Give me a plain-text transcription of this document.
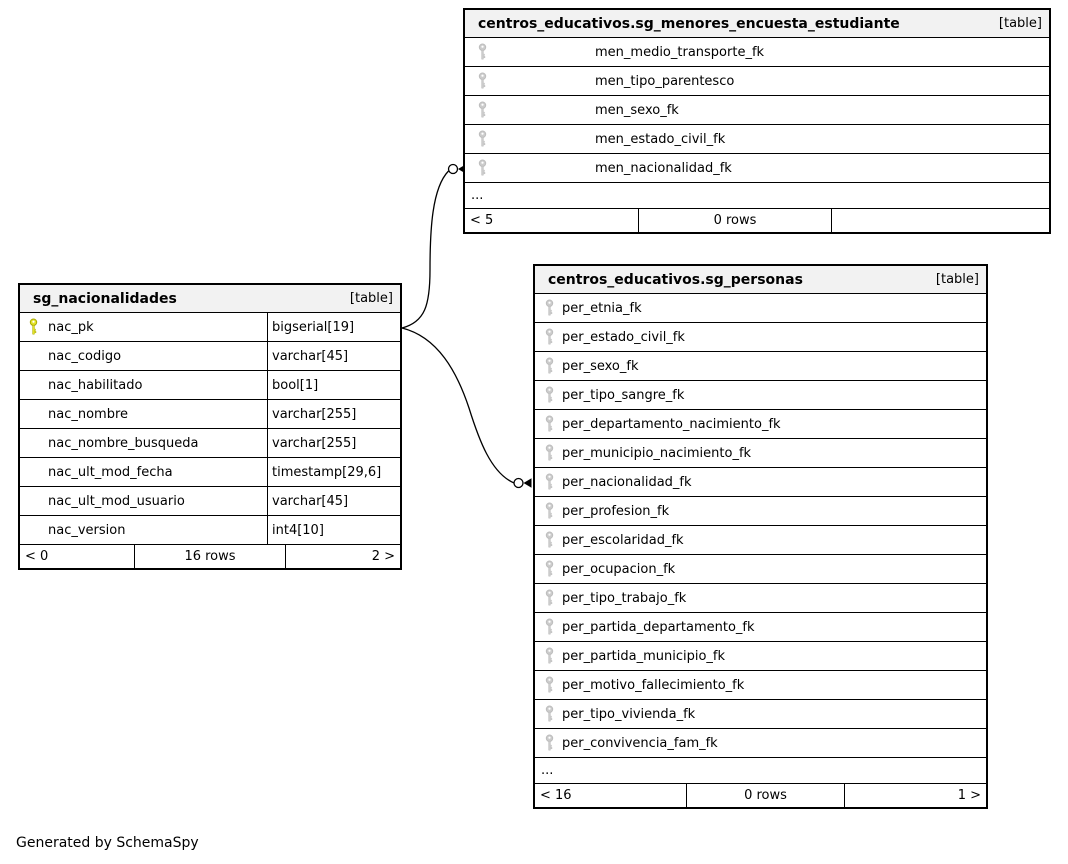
centros_educativos.sg_menores_encuesta_estudiante	[table]
men_medio_transporte_fk
men_tipo_parentesco
men_sexo_fk
men_estado_civil_fk
men_nacionalidad_fk
...
< 5	0 rows
sg_nacionalidades	[table]
nac_pk	bigserial[19]
nac_codigo	varchar[45]
nac_habilitado	bool[1]
nac_nombre	varchar[255]
nac_nombre_busqueda	varchar[255]
nac_ult_mod_fecha	timestamp[29,6]
nac_ult_mod_usuario	varchar[45]
nac_version	int4[10]
< 0	16 rows	2 >
centros_educativos.sg_personas	[table]
per_etnia_fk
per_estado_civil_fk
per_sexo_fk
per_tipo_sangre_fk
per_departamento_nacimiento_fk
per_municipio_nacimiento_fk
per_nacionalidad_fk
per_profesion_fk
per_escolaridad_fk
per_ocupacion_fk
per_tipo_trabajo_fk
per_partida_departamento_fk
per_partida_municipio_fk
per_motivo_fallecimiento_fk
per_tipo_vivienda_fk
per_convivencia_fam_fk
...
< 16	0 rows	1 >
Generated by SchemaSpy
